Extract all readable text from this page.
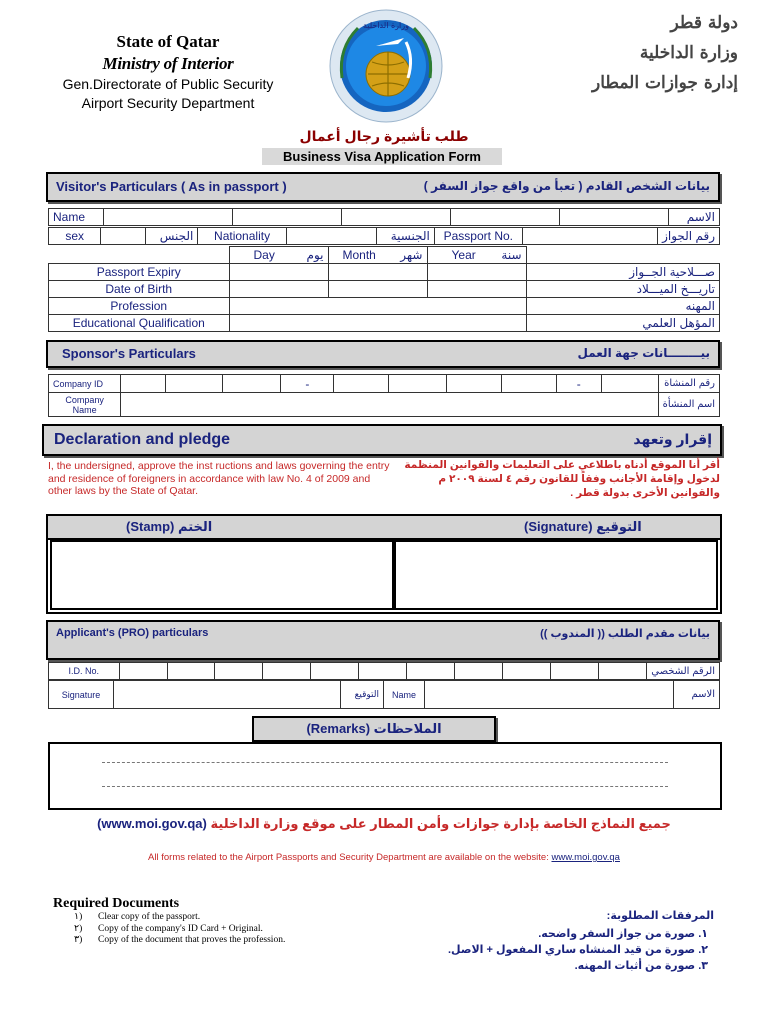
State of Qatar
Ministry of Interior
Gen.Directorate of Public Security
Airport Security Department
وزارة الداخلية	دولة قطر
وزارة الداخلية
إدارة جوازات المطار
طلب تأشيرة رجال أعمال
Business Visa Application Form
Visitor's Particulars ( As in passport )	بيانات الشخص القادم ( تعبأ من واقع جواز السفر )
Name						الاسم
sex		الجنس	Nationality		الجنسية	Passport No.		رقم الجواز
	Day يوم	Month شهر	Year سنة	

Passport Expiry				صـــلاحية الجــواز
Date of Birth				تاريـــخ الميـــلاد
Profession				المهنه
Educational Qualification				المؤهل العلمي
Sponsor's Particulars	بيــــــــانات جهة العمل
Company ID				-					-		رقم المنشاة
Company Name											اسم المنشأة
Declaration and pledge	إقرار وتعهد
I, the undersigned, approve the inst ructions and laws governing the entry and residence of foreigners in accordance with law No. 4 of 2009 and other laws by the State of Qatar.
أقر أنا الموقع أدناه باطلاعي على التعليمات والقوانين المنظمة لدخول وإقامة الأجانب وفقاً للقانون رقم ٤ لسنة ٢٠٠٩ م والقوانين الأخرى بدولة قطر .
(Stamp) الختم	(Signature) التوقيع
Applicant's (PRO) particulars	بيانات مقدم الطلب (( المندوب ))
I.D. No.												الرقم الشخصي
Signature		التوقيع	Name		الاسم
(Remarks) الملاحظات
(www.moi.gov.qa) جميع النماذج الخاصة بإدارة جوازات وأمن المطار على موقع وزارة الداخلية
All forms related to the Airport Passports and Security Department are available on the website: www.moi.gov.qa
Required Documents
١) Clear copy of the passport.
٢) Copy of the company's ID Card + Original.
٣) Copy of the document that proves the profession.
المرفقات المطلوبة:
١. صورة من جواز السفر واضحه.
٢. صورة من قيد المنشاه ساري المفعول + الاصل.
٣. صورة من أثبات المهنه.
